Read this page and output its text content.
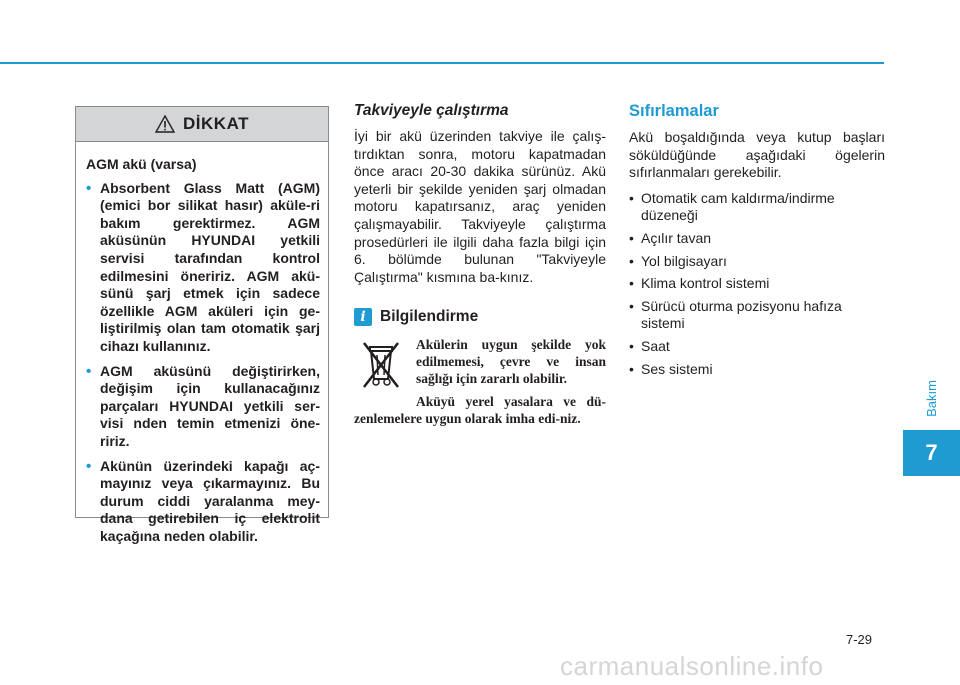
DİKKAT
AGM akü (varsa)
• Absorbent Glass Matt (AGM) (emici bor silikat hasır) aküle-ri bakım gerektirmez. AGM aküsünün HYUNDAI yetkili servisi tarafından kontrol edilmesini öneririz. AGM akü-sünü şarj etmek için sadece özellikle AGM aküleri için ge-liştirilmiş olan tam otomatik şarj cihazı kullanınız.
• AGM aküsünü değiştirirken, değişim için kullanacağınız parçaları HYUNDAI yetkili ser-visi nden temin etmenizi öne-ririz.
• Akünün üzerindeki kapağı aç-mayınız veya çıkarmayınız. Bu durum ciddi yaralanma mey-dana getirebilen iç elektrolit kaçağına neden olabilir.
Takviyeyle çalıştırma

İyi bir akü üzerinden takviye ile çalış-tırdıktan sonra, motoru kapatmadan önce aracı 20-30 dakika sürünüz. Akü yeterli bir şekilde yeniden şarj olmadan motoru kapatırsanız, araç yeniden çalışmayabilir. Takviyeyle çalıştırma prosedürleri ile ilgili daha fazla bilgi için 6. bölümde bulunan "Takviyeyle Çalıştırma" kısmına ba-kınız.

i Bilgilendirme

Akülerin uygun şekilde yok edilmemesi, çevre ve insan sağlığı için zararlı olabilir.

Aküyü yerel yasalara ve dü-zenlemelere uygun olarak imha edi-niz.

Sıfırlamalar

Akü boşaldığında veya kutup başları söküldüğünde aşağıdaki ögelerin sıfırlanmaları gerekebilir.

• Otomatik cam kaldırma/indirme düzeneği
• Açılır tavan
• Yol bilgisayarı
• Klima kontrol sistemi
• Sürücü oturma pozisyonu hafıza sistemi
• Saat
• Ses sistemi
Bakım
7
7-29
carmanualsonline.info
